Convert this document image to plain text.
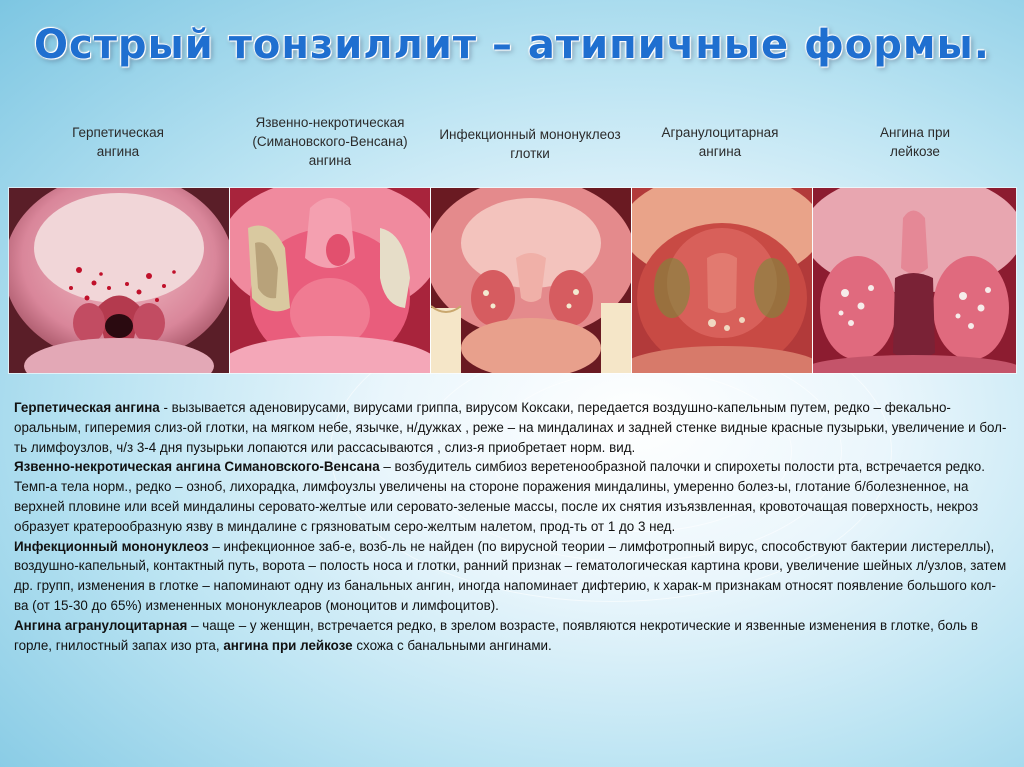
Острый тонзиллит – атипичные формы.
Герпетическая
ангина
Язвенно-некротическая
(Симановского-Венсана)
ангина
Инфекционный мононуклеоз
глотки
Агранулоцитарная
ангина
Ангина при
лейкозе

Герпетическая ангина - вызывается аденовирусами, вирусами гриппа, вирусом Коксаки, передается воздушно-капельным путем, редко – фекально-оральным, гиперемия слиз-ой глотки, на мягком небе, язычке, н/дужках , реже – на миндалинах и задней стенке видные красные пузырьки, увеличение и бол-ть лимфоузлов, ч/з 3-4 дня пузырьки лопаются или рассасываются , слиз-я приобретает норм. вид.

Язвенно-некротическая ангина Симановского-Венсана – возбудитель симбиоз веретенообразной палочки и спирохеты полости рта, встречается редко. Темп-а тела норм., редко – озноб, лихорадка, лимфоузлы увеличены на стороне поражения миндалины, умеренно болез-ы, глотание б/болезненное, на верхней пловине или всей миндалины серовато-желтые или серовато-зеленые массы, после их снятия изъязвленная, кровоточащая поверхность, некроз образует кратерообразную язву в миндалине с грязноватым серо-желтым налетом, прод-ть от 1 до 3 нед.

Инфекционный мононуклеоз – инфекционное заб-е, возб-ль не найден (по вирусной теории – лимфотропный вирус, способствуют бактерии листереллы), воздушно-капельный, контактный путь, ворота – полость носа и глотки, ранний признак – гематологическая картина крови, увеличение шейных л/узлов, затем др. групп, изменения в глотке – напоминают одну из банальных ангин, иногда напоминает дифтерию, к харак-м признакам относят появление большого кол-ва (от 15-30 до 65%) измененных мононуклеаров (моноцитов и лимфоцитов).

Ангина агранулоцитарная – чаще – у женщин, встречается редко, в зрелом возрасте, появляются некротические и язвенные изменения в глотке, боль в горле, гнилостный запах изо рта, ангина при лейкозе схожа с банальными ангинами.
